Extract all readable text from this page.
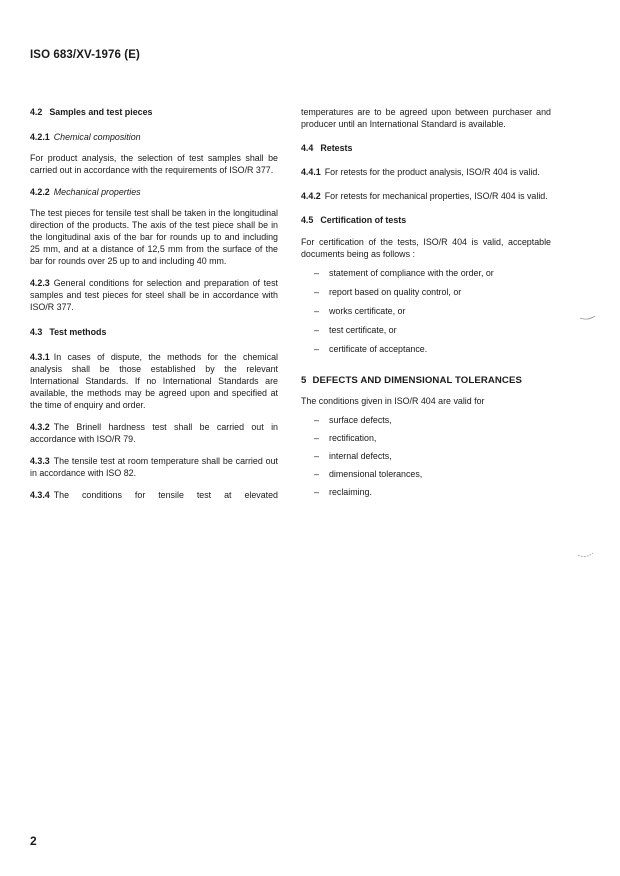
ISO 683/XV-1976 (E)
4.2 Samples and test pieces
4.2.1 Chemical composition

For product analysis, the selection of test samples shall be carried out in accordance with the requirements of ISO/R 377.

4.2.2 Mechanical properties

The test pieces for tensile test shall be taken in the longitudinal direction of the products. The axis of the test piece shall be in the longitudinal axis of the bar for rounds up to and including 25 mm, and at a distance of 12,5 mm from the surface of the bar for rounds over 25 up to and including 40 mm.

4.2.3 General conditions for selection and preparation of test samples and test pieces for steel shall be in accordance with ISO/R 377.

4.3 Test methods

4.3.1 In cases of dispute, the methods for the chemical analysis shall be those established by the relevant International Standards. If no International Standards are available, the methods may be agreed upon and specified at the time of enquiry and order.

4.3.2 The Brinell hardness test shall be carried out in accordance with ISO/R 79.

4.3.3 The tensile test at room temperature shall be carried out in accordance with ISO 82.

4.3.4 The conditions for tensile test at elevated

temperatures are to be agreed upon between purchaser and producer until an International Standard is available.

4.4 Retests

4.4.1 For retests for the product analysis, ISO/R 404 is valid.

4.4.2 For retests for mechanical properties, ISO/R 404 is valid.

4.5 Certification of tests

For certification of the tests, ISO/R 404 is valid, acceptable documents being as follows :

– statement of compliance with the order, or
– report based on quality control, or
– works certificate, or
– test certificate, or
– certificate of acceptance.
5 DEFECTS AND DIMENSIONAL TOLERANCES

The conditions given in ISO/R 404 are valid for

– surface defects,
– rectification,
– internal defects,
– dimensional tolerances,
– reclaiming.
2
